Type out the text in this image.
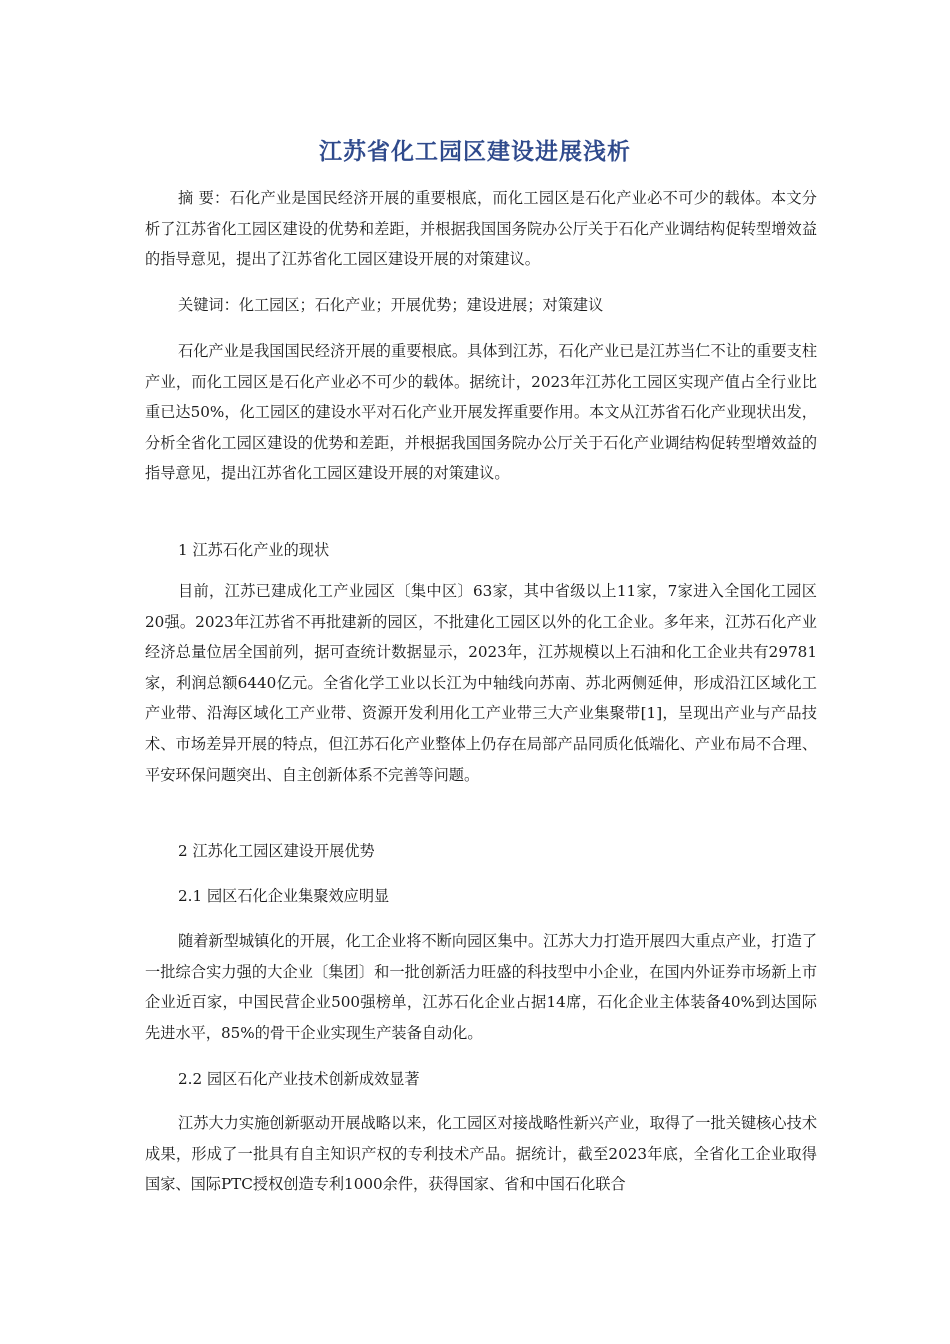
江苏省化工园区建设进展浅析

摘 要：石化产业是国民经济开展的重要根底，而化工园区是石化产业必不可少的载体。本文分析了江苏省化工园区建设的优势和差距，并根据我国国务院办公厅关于石化产业调结构促转型增效益的指导意见，提出了江苏省化工园区建设开展的对策建议。

关键词：化工园区；石化产业；开展优势；建设进展；对策建议

石化产业是我国国民经济开展的重要根底。具体到江苏，石化产业已是江苏当仁不让的重要支柱产业，而化工园区是石化产业必不可少的载体。据统计，2023年江苏化工园区实现产值占全行业比重已达50%，化工园区的建设水平对石化产业开展发挥重要作用。本文从江苏省石化产业现状出发，分析全省化工园区建设的优势和差距，并根据我国国务院办公厅关于石化产业调结构促转型增效益的指导意见，提出江苏省化工园区建设开展的对策建议。

1 江苏石化产业的现状

目前，江苏已建成化工产业园区〔集中区〕63家，其中省级以上11家，7家进入全国化工园区20强。2023年江苏省不再批建新的园区，不批建化工园区以外的化工企业。多年来，江苏石化产业经济总量位居全国前列，据可查统计数据显示，2023年，江苏规模以上石油和化工企业共有29781家，利润总额6440亿元。全省化学工业以长江为中轴线向苏南、苏北两侧延伸，形成沿江区域化工产业带、沿海区域化工产业带、资源开发利用化工产业带三大产业集聚带[1]，呈现出产业与产品技术、市场差异开展的特点，但江苏石化产业整体上仍存在局部产品同质化低端化、产业布局不合理、平安环保问题突出、自主创新体系不完善等问题。

2 江苏化工园区建设开展优势

2.1 园区石化企业集聚效应明显

随着新型城镇化的开展，化工企业将不断向园区集中。江苏大力打造开展四大重点产业，打造了一批综合实力强的大企业〔集团〕和一批创新活力旺盛的科技型中小企业，在国内外证券市场新上市企业近百家，中国民营企业500强榜单，江苏石化企业占据14席，石化企业主体装备40%到达国际先进水平，85%的骨干企业实现生产装备自动化。

2.2 园区石化产业技术创新成效显著

江苏大力实施创新驱动开展战略以来，化工园区对接战略性新兴产业，取得了一批关键核心技术成果，形成了一批具有自主知识产权的专利技术产品。据统计，截至2023年底，全省化工企业取得国家、国际PTC授权创造专利1000余件，获得国家、省和中国石化联合
